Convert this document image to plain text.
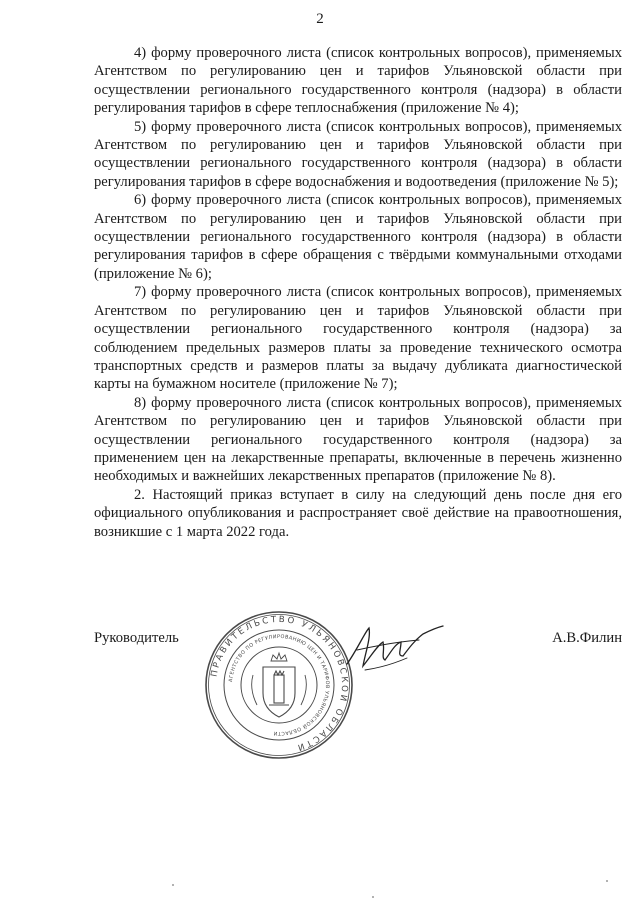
2

4) форму проверочного листа (список контрольных вопросов), применяемых Агентством по регулированию цен и тарифов Ульяновской области при осуществлении регионального государственного контроля (надзора) в области регулирования тарифов в сфере теплоснабжения (приложение № 4);

5) форму проверочного листа (список контрольных вопросов), применяемых Агентством по регулированию цен и тарифов Ульяновской области при осуществлении регионального государственного контроля (надзора) в области регулирования тарифов в сфере водоснабжения и водоотведения (приложение № 5);

6) форму проверочного листа (список контрольных вопросов), применяемых Агентством по регулированию цен и тарифов Ульяновской области при осуществлении регионального государственного контроля (надзора) в области регулирования тарифов в сфере обращения с твёрдыми коммунальными отходами (приложение № 6);

7) форму проверочного листа (список контрольных вопросов), применяемых Агентством по регулированию цен и тарифов Ульяновской области при осуществлении регионального государственного контроля (надзора) за соблюдением предельных размеров платы за проведение технического осмотра транспортных средств и размеров платы за выдачу дубликата диагностической карты на бумажном носителе (приложение № 7);

8) форму проверочного листа (список контрольных вопросов), применяемых Агентством по регулированию цен и тарифов Ульяновской области при осуществлении регионального государственного контроля (надзора) за применением цен на лекарственные препараты, включенные в перечень жизненно необходимых и важнейших лекарственных препаратов (приложение № 8).

2. Настоящий приказ вступает в силу на следующий день после дня его официального опубликования и распространяет своё действие на правоотношения, возникшие с 1 марта 2022 года.

Руководитель	А.В.Филин
ПРАВИТЕЛЬСТВО УЛЬЯНОВСКОЙ ОБЛАСТИ
АГЕНТСТВО ПО РЕГУЛИРОВАНИЮ ЦЕН И ТАРИФОВ УЛЬЯНОВСКОЙ ОБЛАСТИ
